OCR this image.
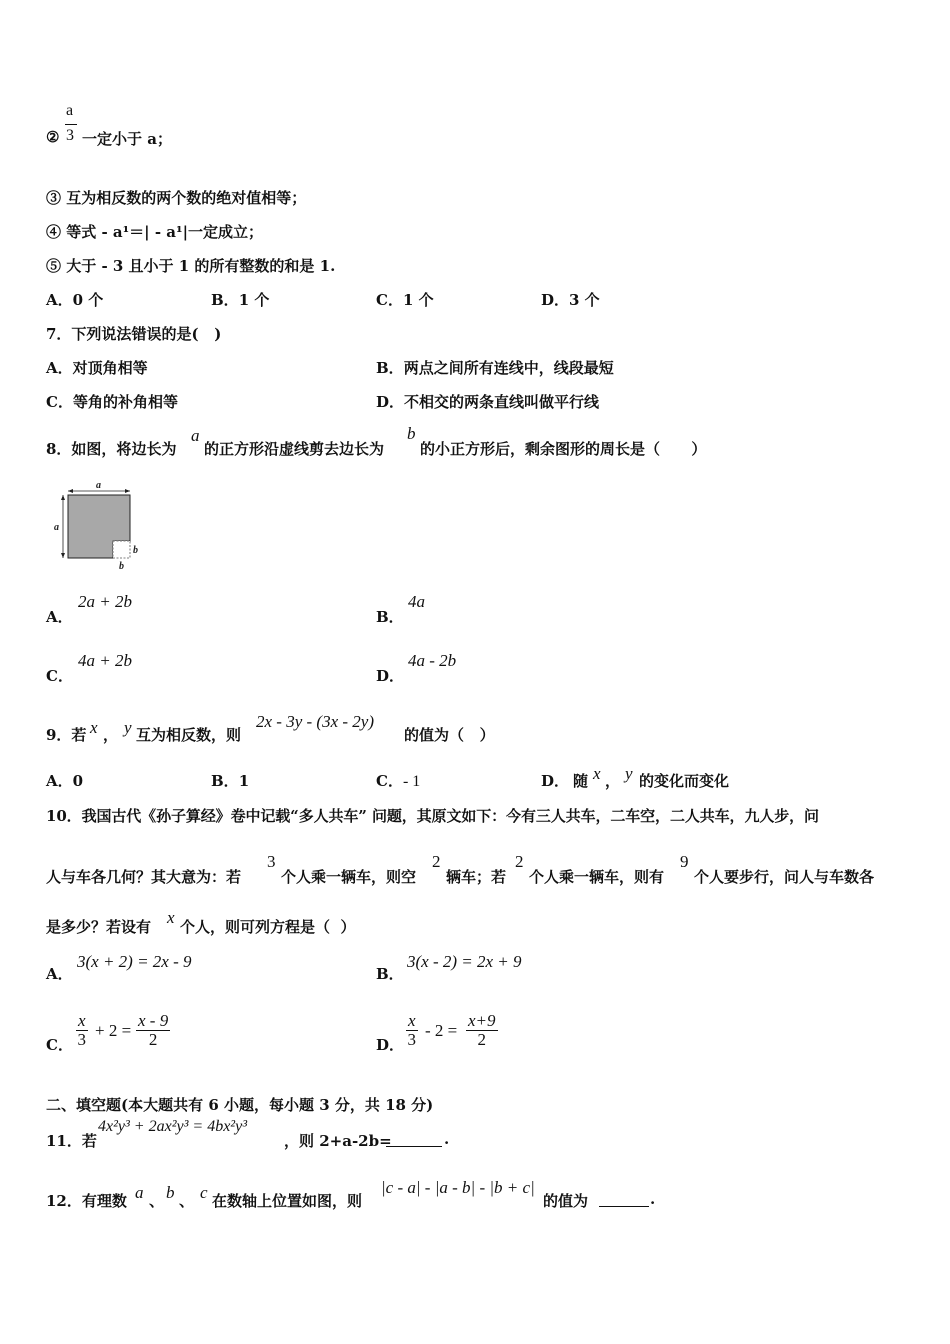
②
a
3 一定小于 a；
③ 互为相反数的两个数的绝对值相等；
④ 等式 - a¹＝| - a¹|一定成立；
⑤ 大于 - 3 且小于 1 的所有整数的和是 1.
A．0 个	B．1 个	C．1 个	D．3 个
7．下列说法错误的是(   )
A．对顶角相等	B．两点之间所有连线中，线段最短
C．等角的补角相等	D．不相交的两条直线叫做平行线
8．如图，将边长为
a
的正方形沿虚线剪去边长为
b
的小正方形后，剩余图形的周长是（      ）
a
a
b
b
A．
2a + 2b
B．
4a
C．
4a + 2b
D．
4a - 2b
9．若 x ， y 互为相反数，则
2x - 3y - (3x - 2y)
的值为（   ）
A．0	B．1	C．- 1	D． 随 x ， y 的变化而变化
10．我国古代《孙子算经》卷中记载“多人共车” 问题，其原文如下：今有三人共车，二车空，二人共车，九人步，问
人与车各几何？其大意为：若
3
个人乘一辆车，则空
2
辆车；若
2
个人乘一辆车，则有
9
个人要步行，问人与车数各
是多少？若设有 x 个人，则可列方程是（  ）
A．
3(x + 2) = 2x - 9
B．
3(x - 2) = 2x + 9
C． $\frac{x}{3} + 2 = \frac{x - 9}{2}$	D． $\frac{x}{3} - 2 = \frac{x+9}{2}$
二、填空题(本大题共有 6 小题，每小题 3 分，共 18 分)
11．若
4x²y³ + 2ax²y³ = 4bx²y³
，则 2+a-2b=	.
12．有理数 a 、 b 、 c 在数轴上位置如图，则
|c - a| - |a - b| - |b + c|
的值为	.
